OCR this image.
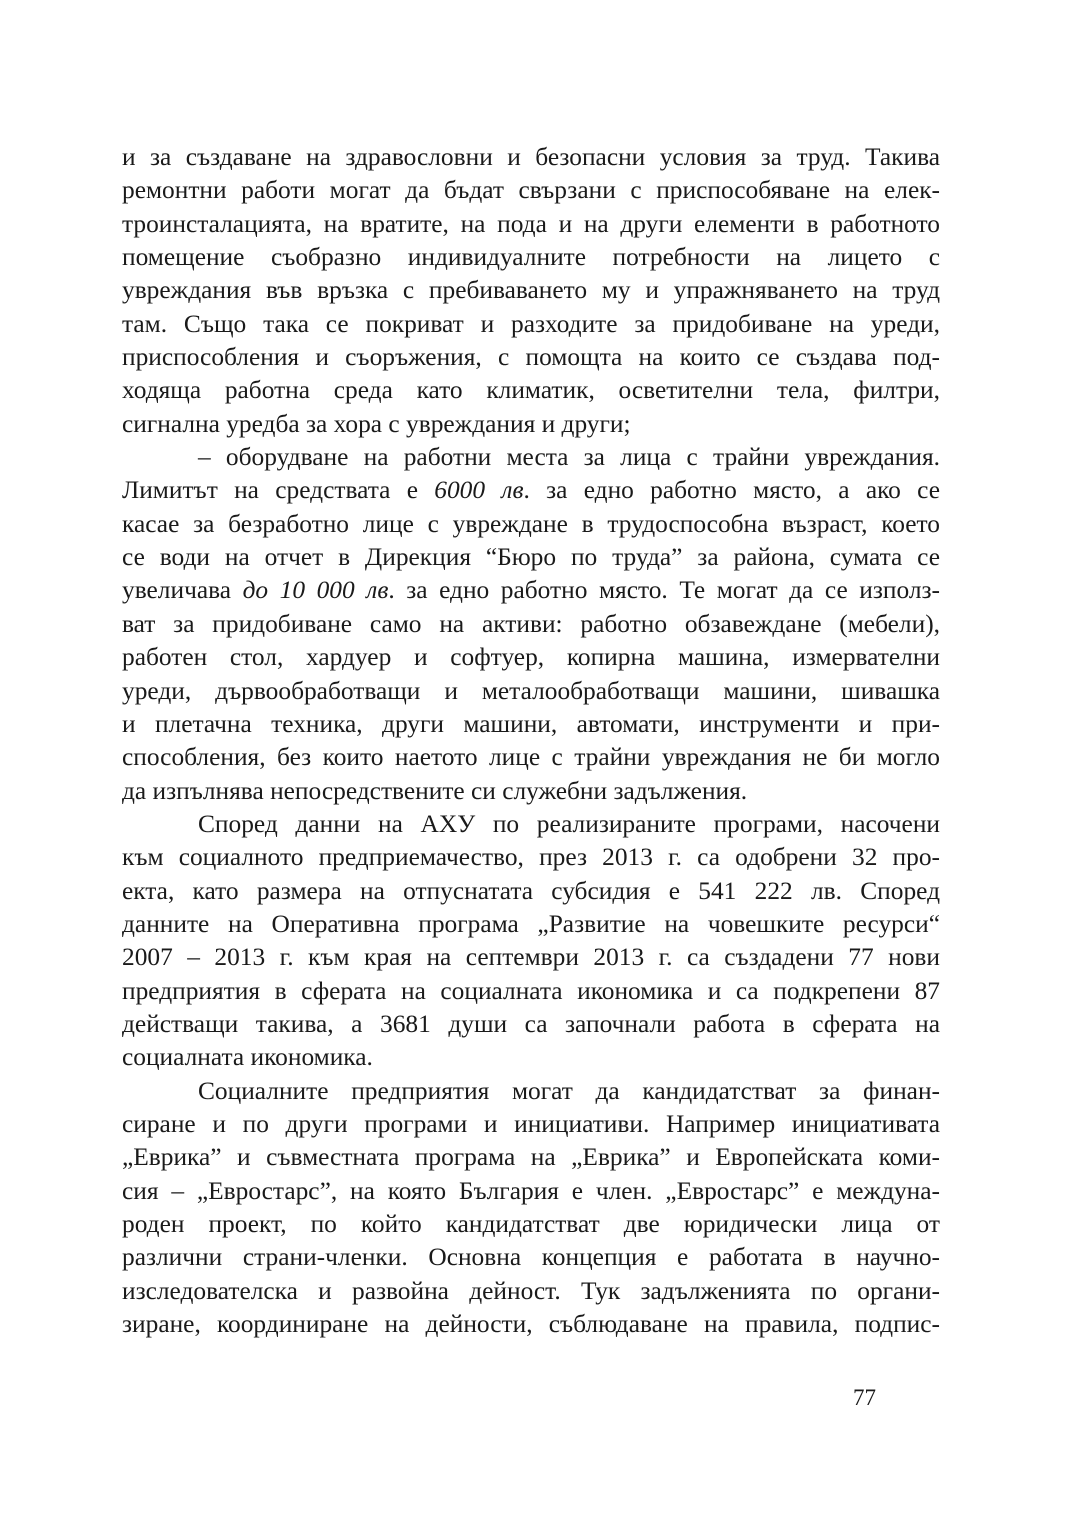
и за създаване на здравословни и безопасни условия за труд. Такива
ремонтни работи могат да бъдат свързани с приспособяване на елек-
троинсталацията, на вратите, на пода и на други елементи в работното
помещение съобразно индивидуалните потребности на лицето с
увреждания във връзка с пребиваването му и упражняването на труд
там. Също така се покриват и разходите за придобиване на уреди,
приспособления и съоръжения, с помощта на които се създава под-
ходяща работна среда като климатик, осветителни тела, филтри,
сигнална уредба за хора с увреждания и други;
– оборудване на работни места за лица с трайни увреждания.
Лимитът на средствата е 6000 лв. за едно работно място, а ако се
касае за безработно лице с увреждане в трудоспособна възраст, което
се води на отчет в Дирекция “Бюро по труда” за района, сумата се
увеличава до 10 000 лв. за едно работно място. Те могат да се използ-
ват за придобиване само на активи: работно обзавеждане (мебели),
работен стол, хардуер и софтуер, копирна машина, измервателни
уреди, дървообработващи и металообработващи машини, шивашка
и плетачна техника, други машини, автомати, инструменти и при-
способления, без които наетото лице с трайни увреждания не би могло
да изпълнява непосредствените си служебни задължения.
Според данни на АХУ по реализираните програми, насочени
към социалното предприемачество, през 2013 г. са одобрени 32 про-
екта, като размера на отпуснатата субсидия е 541 222 лв. Според
данните на Оперативна програма „Развитие на човешките ресурси“
2007 – 2013 г. към края на септември 2013 г. са създадени 77 нови
предприятия в сферата на социалната икономика и са подкрепени 87
действащи такива, а 3681 души са започнали работа в сферата на
социалната икономика.
Социалните предприятия могат да кандидатстват за финан-
сиране и по други програми и инициативи. Например инициативата
„Еврика” и съвместната програма на „Еврика” и Европейската коми-
сия – „Евростарс”, на която България е член. „Евростарс” е междуна-
роден проект, по който кандидатстват две юридически лица от
различни страни-членки. Основна концепция е работата в научно-
изследователска и развойна дейност. Тук задълженията по органи-
зиране, координиране на дейности, съблюдаване на правила, подпис-
77
